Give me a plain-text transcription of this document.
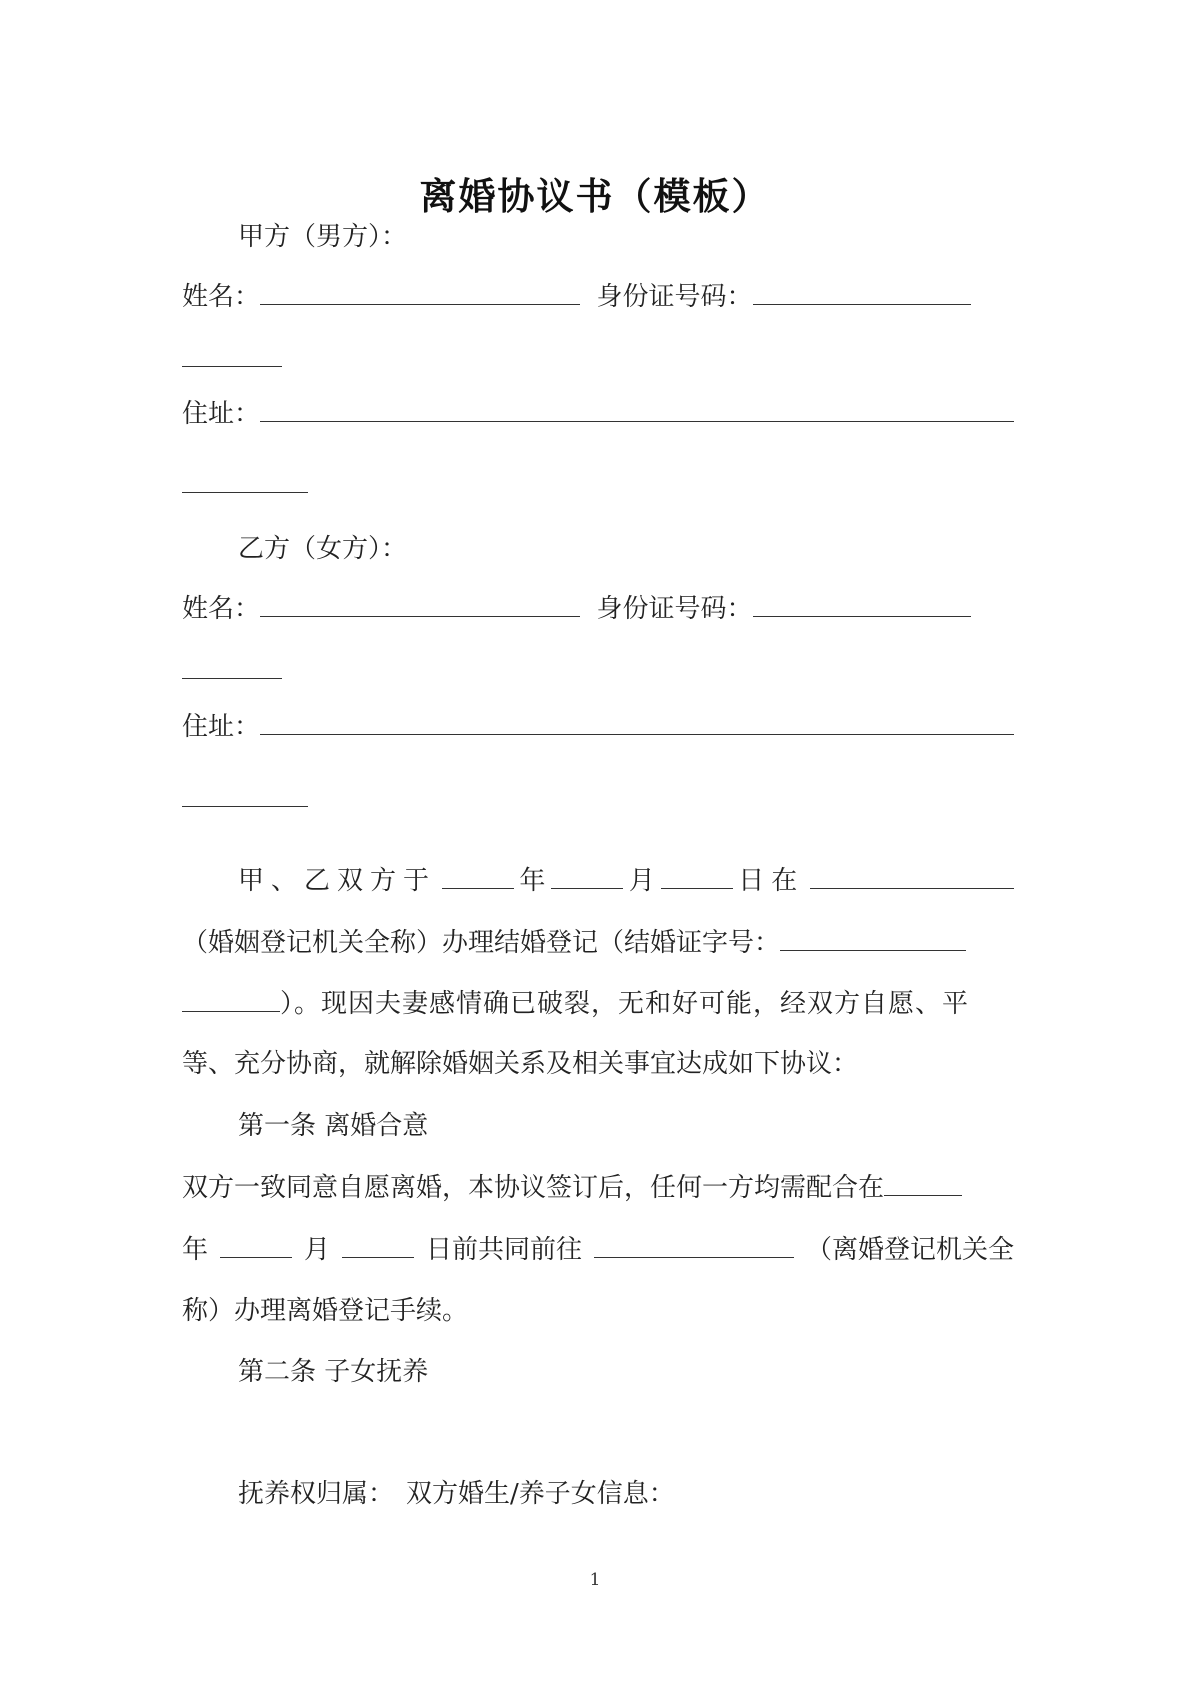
离婚协议书（模板）
甲方（男方）：
姓名：	身份证号码：
住址：
乙方（女方）：
姓名：	身份证号码：
住址：
甲、乙双方于	年	月	日在
（婚姻登记机关全称）办理结婚登记（结婚证字号：
）。现因夫妻感情确已破裂，无和好可能，经双方自愿、平
等、充分协商，就解除婚姻关系及相关事宜达成如下协议：
第一条 离婚合意
双方一致同意自愿离婚，本协议签订后，任何一方均需配合在
年	月	日前共同前往	（离婚登记机关全
称）办理离婚登记手续。
第二条 子女抚养
抚养权归属： 双方婚生/养子女信息：
1
